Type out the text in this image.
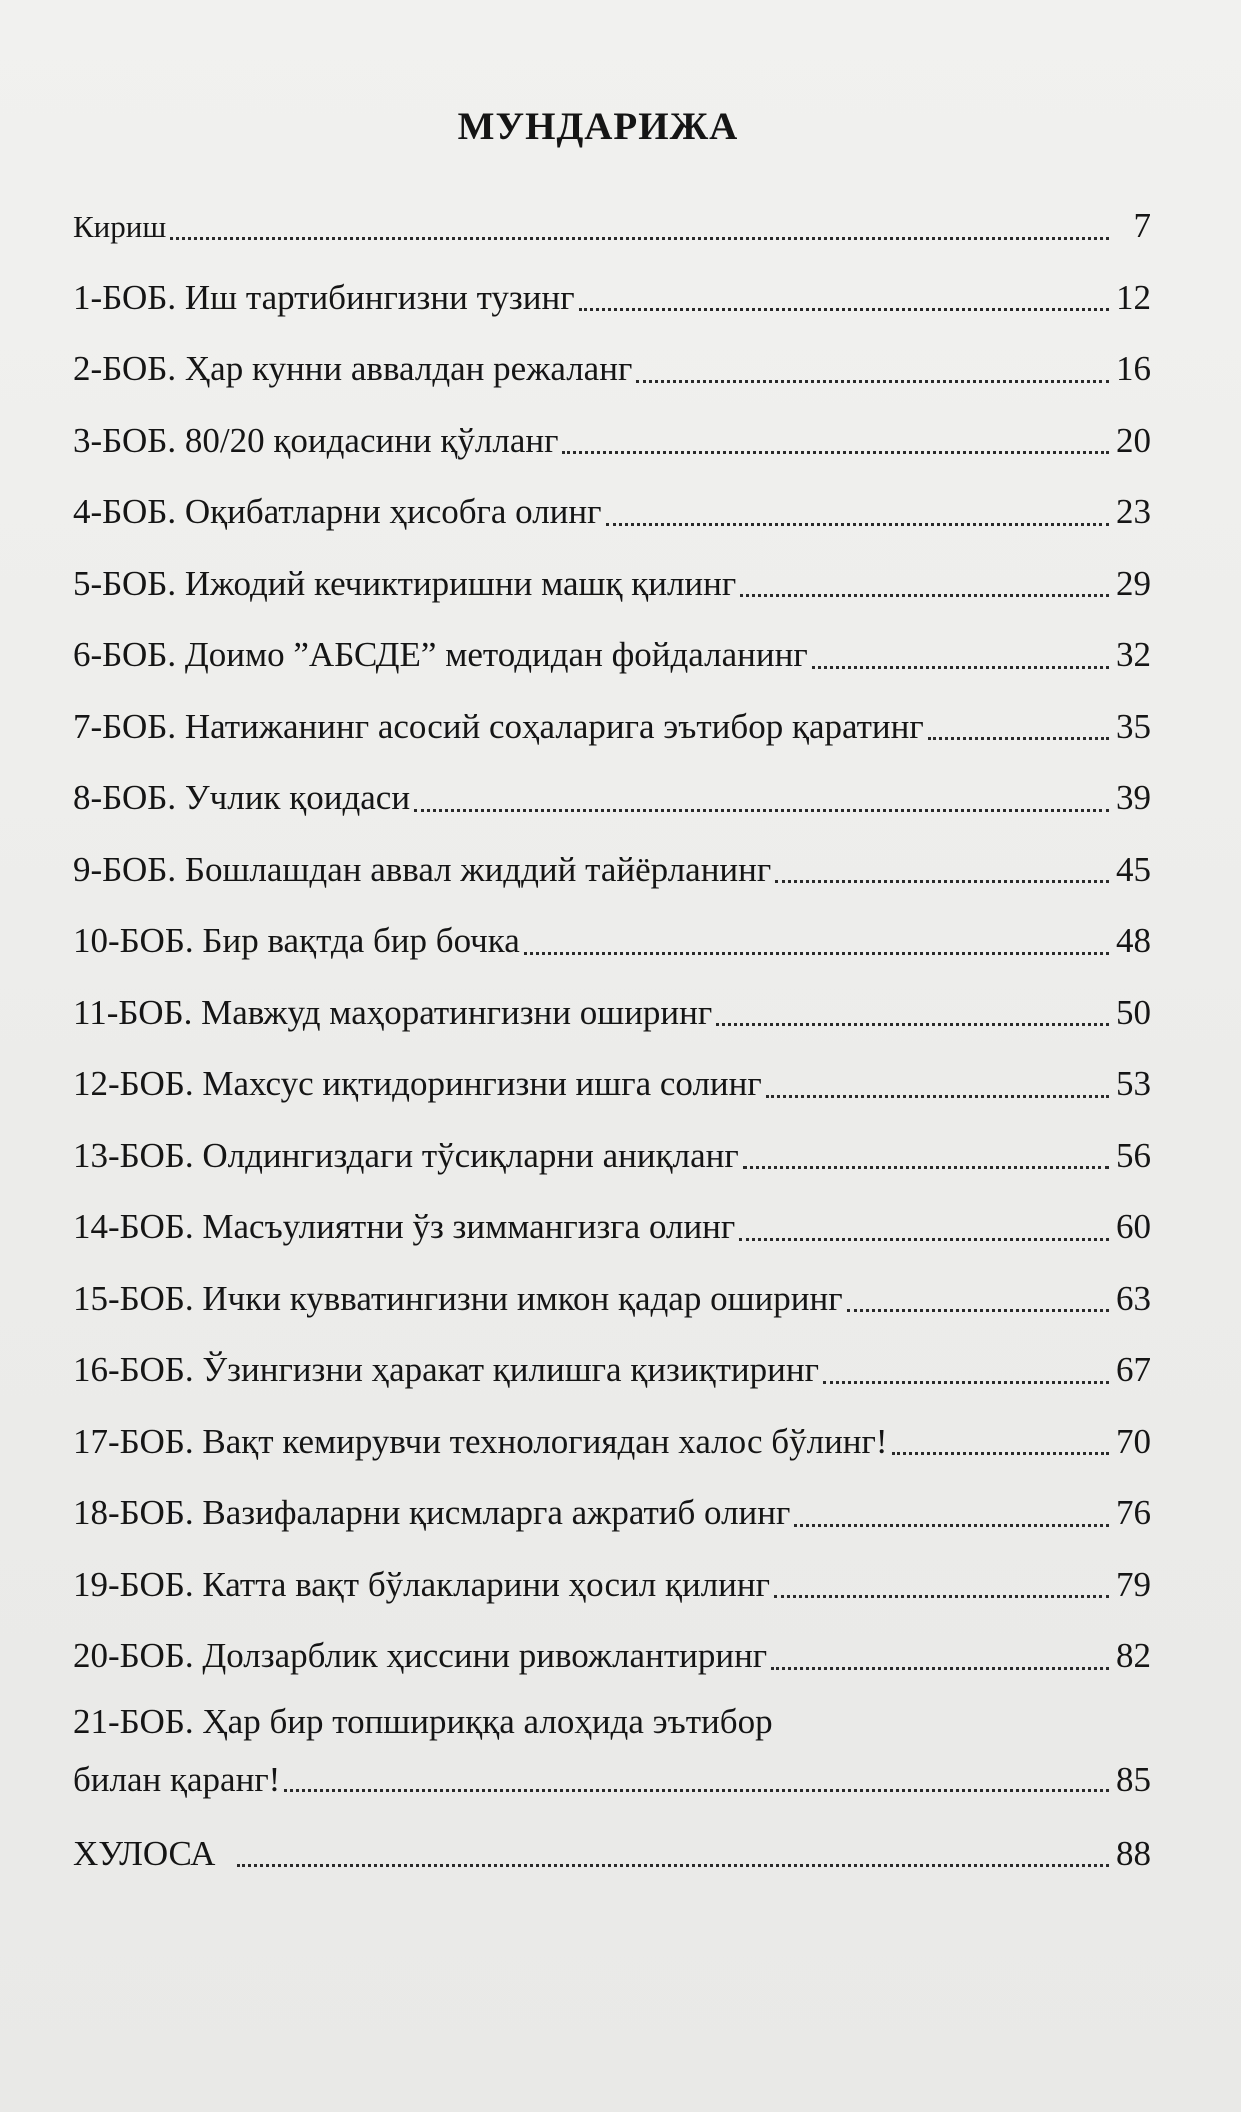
МУНДАРИЖА
Кириш	7
1-БОБ. Иш тартибингизни тузинг	12
2-БОБ. Ҳар кунни аввалдан режаланг	16
3-БОБ. 80/20 қоидасини қўлланг	20
4-БОБ. Оқибатларни ҳисобга олинг	23
5-БОБ. Ижодий кечиктиришни машқ қилинг	29
6-БОБ. Доимо ”АБСДЕ” методидан фойдаланинг	32
7-БОБ. Натижанинг асосий соҳаларига эътибор қаратинг	35
8-БОБ. Учлик қоидаси	39
9-БОБ. Бошлашдан аввал жиддий тайёрланинг	45
10-БОБ. Бир вақтда бир бочка	48
11-БОБ. Мавжуд маҳоратингизни оширинг	50
12-БОБ. Махсус иқтидорингизни ишга солинг	53
13-БОБ. Олдингиздаги тўсиқларни аниқланг	56
14-БОБ. Масъулиятни ўз зиммангизга олинг	60
15-БОБ. Ички кувватингизни имкон қадар оширинг	63
16-БОБ. Ўзингизни ҳаракат қилишга қизиқтиринг	67
17-БОБ. Вақт кемирувчи технологиядан халос бўлинг!	70
18-БОБ. Вазифаларни қисмларга ажратиб олинг	76
19-БОБ. Катта вақт бўлакларини ҳосил қилинг	79
20-БОБ. Долзарблик ҳиссини ривожлантиринг	82
21-БОБ. Ҳар бир топшириққа алоҳида эътибор
билан қаранг!	85
ХУЛОСА	88
